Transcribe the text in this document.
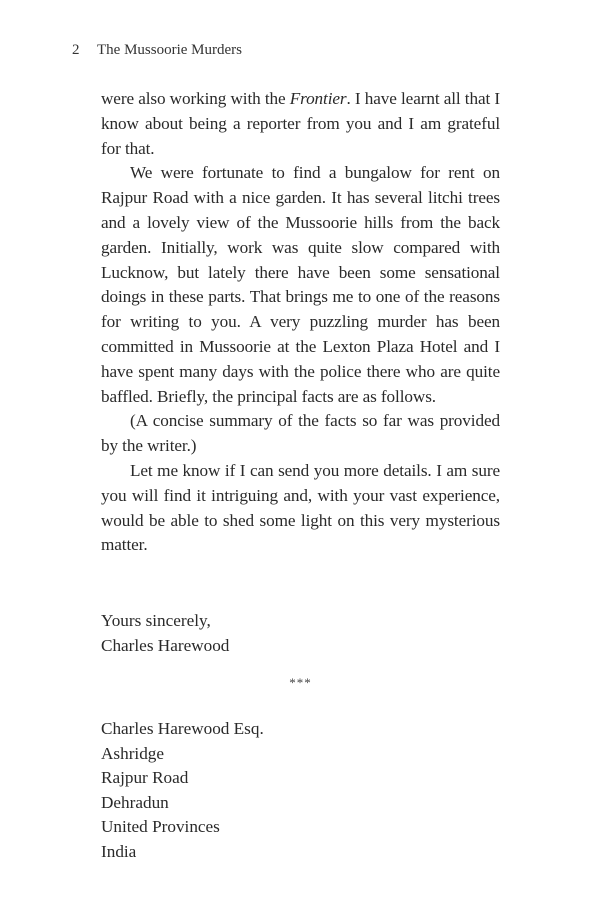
2 The Mussoorie Murders

were also working with the Frontier. I have learnt all that I know about being a reporter from you and I am grateful for that.

We were fortunate to find a bungalow for rent on Rajpur Road with a nice garden. It has several litchi trees and a lovely view of the Mussoorie hills from the back garden. Initially, work was quite slow compared with Lucknow, but lately there have been some sensational doings in these parts. That brings me to one of the reasons for writing to you. A very puzzling murder has been committed in Mussoorie at the Lexton Plaza Hotel and I have spent many days with the police there who are quite baffled. Briefly, the principal facts are as follows.

(A concise summary of the facts so far was provided by the writer.)

Let me know if I can send you more details. I am sure you will find it intriguing and, with your vast experience, would be able to shed some light on this very mysterious matter.

Yours sincerely,
Charles Harewood
***
Charles Harewood Esq.
Ashridge
Rajpur Road
Dehradun
United Provinces
India
